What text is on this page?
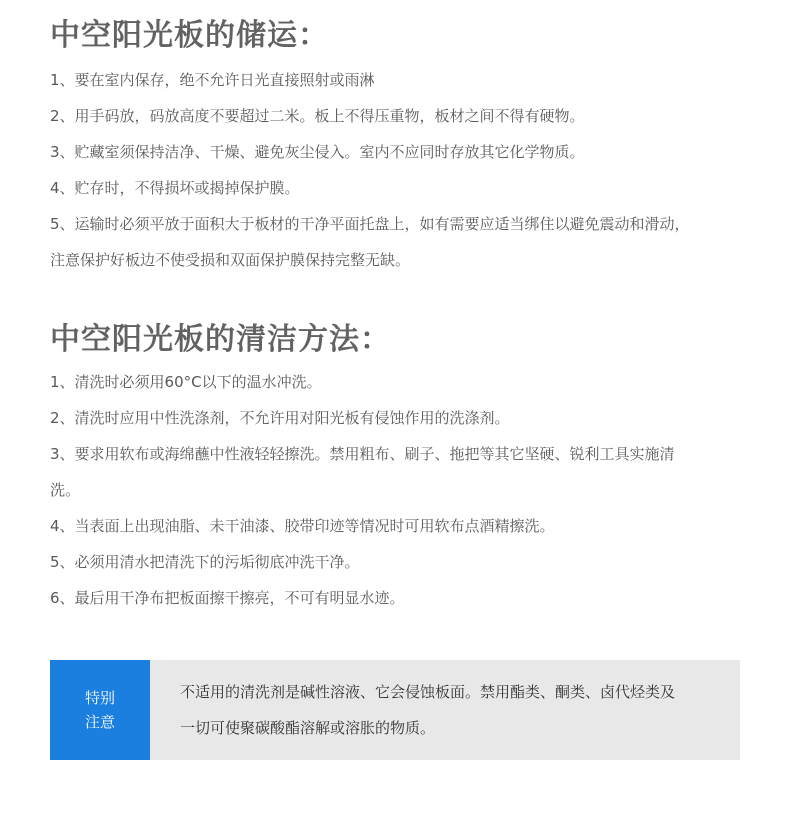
中空阳光板的储运：
1、要在室内保存，绝不允许日光直接照射或雨淋
2、用手码放，码放高度不要超过二米。板上不得压重物，板材之间不得有硬物。
3、贮藏室须保持洁净、干燥、避免灰尘侵入。室内不应同时存放其它化学物质。
4、贮存时，不得损坏或揭掉保护膜。
5、运输时必须平放于面积大于板材的干净平面托盘上，如有需要应适当绑住以避免震动和滑动，
注意保护好板边不使受损和双面保护膜保持完整无缺。
中空阳光板的清洁方法：
1、清洗时必须用60°C以下的温水冲洗。
2、清洗时应用中性洗涤剂，不允许用对阳光板有侵蚀作用的洗涤剂。
3、要求用软布或海绵蘸中性液轻轻擦洗。禁用粗布、刷子、拖把等其它坚硬、锐利工具实施清
洗。
4、当表面上出现油脂、未干油漆、胶带印迹等情况时可用软布点酒精擦洗。
5、必须用清水把清洗下的污垢彻底冲洗干净。
6、最后用干净布把板面擦干擦亮，不可有明显水迹。
特别
注意
不适用的清洗剂是碱性溶液、它会侵蚀板面。禁用酯类、酮类、卤代烃类及
一切可使聚碳酸酯溶解或溶胀的物质。
